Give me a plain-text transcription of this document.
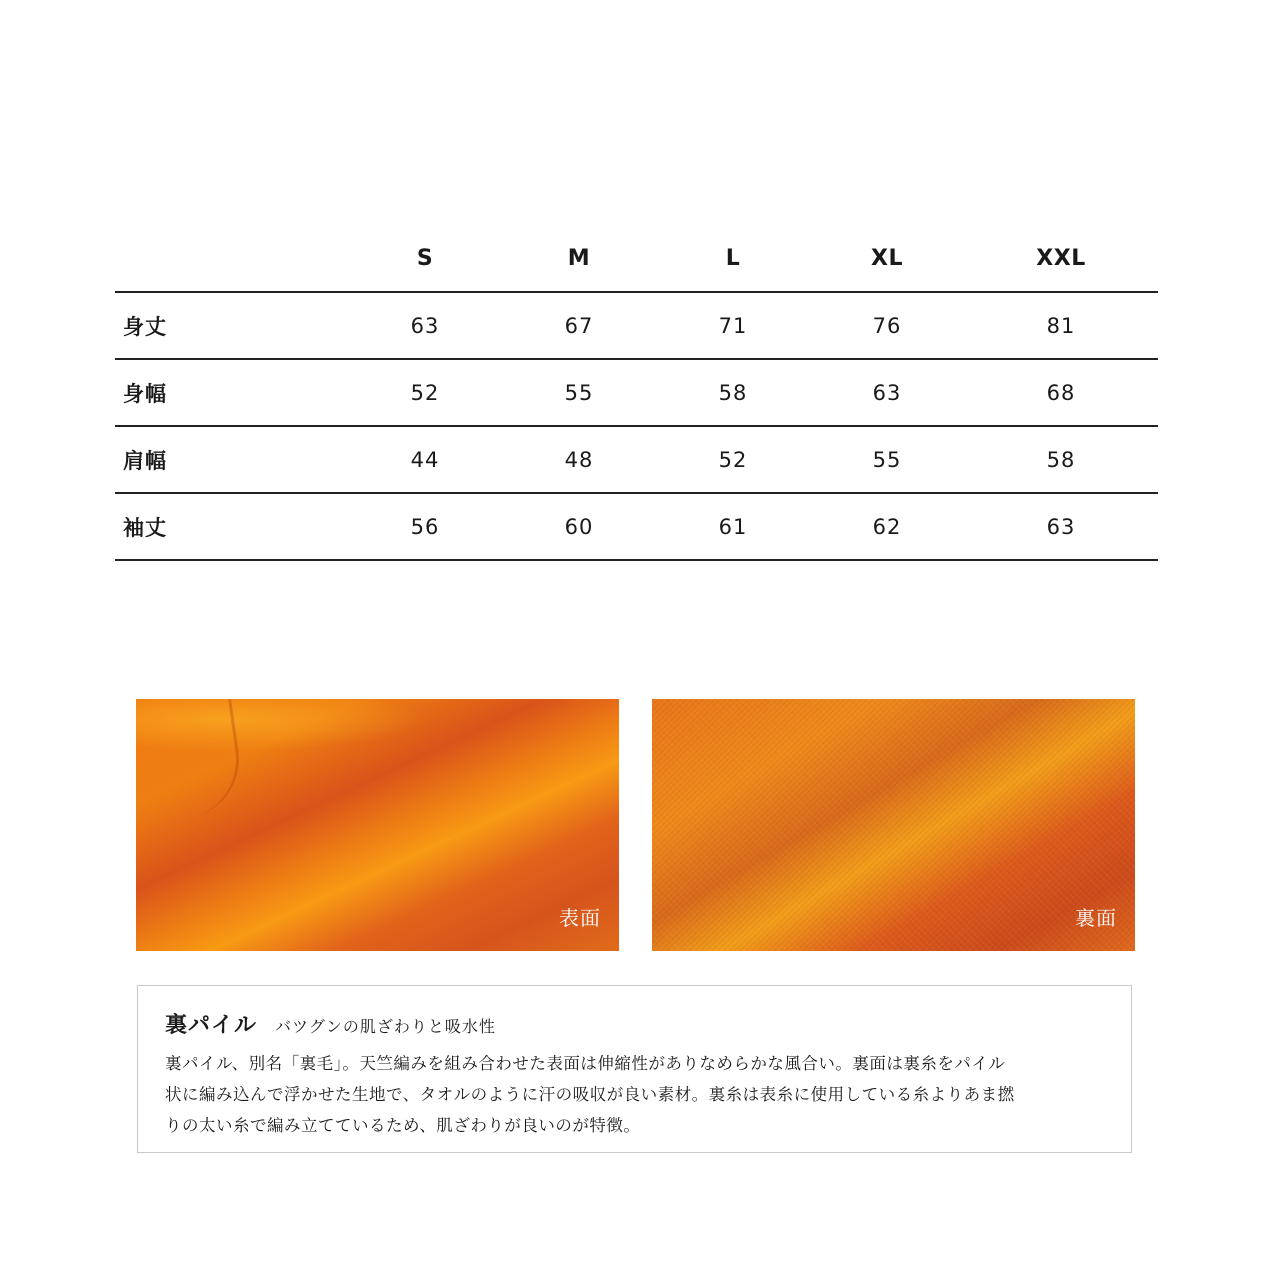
	S	M	L	XL	XXL
身丈	63	67	71	76	81
身幅	52	55	58	63	68
肩幅	44	48	52	55	58
袖丈	56	60	61	62	63
表面	裏面
裏パイル バツグンの肌ざわりと吸水性

裏パイル、別名「裏毛」。天竺編みを組み合わせた表面は伸縮性がありなめらかな風合い。裏面は裏糸をパイル
状に編み込んで浮かせた生地で、タオルのように汗の吸収が良い素材。裏糸は表糸に使用している糸よりあま撚
りの太い糸で編み立てているため、肌ざわりが良いのが特徴。
